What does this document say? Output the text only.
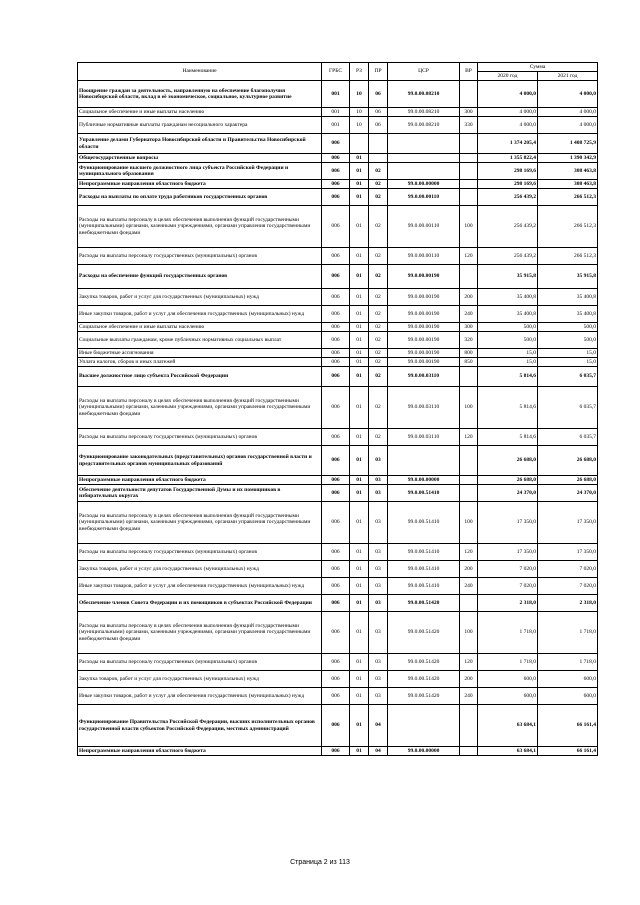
Наименование	ГРБС	РЗ	ПР	ЦСР	ВР	Сумма	
						2020 год	2021 год
Поощрение граждан за деятельность, направленную на обеспечение благополучия Новосибирской области, вклад в её экономическое, социальное, культурное развитие	001	10	06	99.0.00.08210		4 000,0	4 000,0
Социальное обеспечение и иные выплаты населению	001	10	06	99.0.00.08210	300	4 000,0	4 000,0
Публичные нормативные выплаты гражданам несоциального характера	001	10	06	99.0.00.08210	330	4 000,0	4 000,0
Управление делами Губернатора Новосибирской области и Правительства Новосибирской области	006					1 374 205,4	1 408 725,9
Общегосударственные вопросы	006	01				1 355 822,4	1 390 342,9
Функционирование высшего должностного лица субъекта Российской Федерации и муниципального образования	006	01	02			298 169,6	308 463,8
Непрограммные направления областного бюджета	006	01	02	99.0.00.00000		298 169,6	308 463,8
Расходы на выплаты по оплате труда работников государственных органов	006	01	02	99.0.00.00110		256 439,2	266 512,3
Расходы на выплаты персоналу в целях обеспечения выполнения функций государственными (муниципальными) органами, казенными учреждениями, органами управления государственными внебюджетными фондами	006	01	02	99.0.00.00110	100	256 439,2	266 512,3
Расходы на выплаты персоналу государственных (муниципальных) органов	006	01	02	99.0.00.00110	120	256 439,2	266 512,3
Расходы на обеспечение функций государственных органов	006	01	02	99.0.00.00190		35 915,8	35 915,8
Закупка товаров, работ и услуг для государственных (муниципальных) нужд	006	01	02	99.0.00.00190	200	35 400,8	35 400,8
Иные закупки товаров, работ и услуг для обеспечения государственных (муниципальных) нужд	006	01	02	99.0.00.00190	240	35 400,8	35 400,8
Социальное обеспечение и иные выплаты населению	006	01	02	99.0.00.00190	300	500,0	500,0
Социальные выплаты гражданам, кроме публичных нормативных социальных выплат	006	01	02	99.0.00.00190	320	500,0	500,0
Иные бюджетные ассигнования	006	01	02	99.0.00.00190	800	15,0	15,0
Уплата налогов, сборов и иных платежей	006	01	02	99.0.00.00190	850	15,0	15,0
Высшее должностное лицо субъекта Российской Федерации	006	01	02	99.0.00.03110		5 814,6	6 035,7
Расходы на выплаты персоналу в целях обеспечения выполнения функций государственными (муниципальными) органами, казенными учреждениями, органами управления государственными внебюджетными фондами	006	01	02	99.0.00.03110	100	5 814,6	6 035,7
Расходы на выплаты персоналу государственных (муниципальных) органов	006	01	02	99.0.00.03110	120	5 814,6	6 035,7
Функционирование законодательных (представительных) органов государственной власти и представительных органов муниципальных образований	006	01	03			26 688,0	26 688,0
Непрограммные направления областного бюджета	006	01	03	99.0.00.00000		26 688,0	26 688,0
Обеспечение деятельности депутатов Государственной Думы и их помощников в избирательных округах	006	01	03	99.0.00.51410		24 370,0	24 370,0
Расходы на выплаты персоналу в целях обеспечения выполнения функций государственными (муниципальными) органами, казенными учреждениями, органами управления государственными внебюджетными фондами	006	01	03	99.0.00.51410	100	17 350,0	17 350,0
Расходы на выплаты персоналу государственных (муниципальных) органов	006	01	03	99.0.00.51410	120	17 350,0	17 350,0
Закупка товаров, работ и услуг для государственных (муниципальных) нужд	006	01	03	99.0.00.51410	200	7 020,0	7 020,0
Иные закупки товаров, работ и услуг для обеспечения государственных (муниципальных) нужд	006	01	03	99.0.00.51410	240	7 020,0	7 020,0
Обеспечение членов Совета Федерации и их помощников в субъектах Российской Федерации	006	01	03	99.0.00.51420		2 318,0	2 318,0
Расходы на выплаты персоналу в целях обеспечения выполнения функций государственными (муниципальными) органами, казенными учреждениями, органами управления государственными внебюджетными фондами	006	01	03	99.0.00.51420	100	1 718,0	1 718,0
Расходы на выплаты персоналу государственных (муниципальных) органов	006	01	03	99.0.00.51420	120	1 718,0	1 718,0
Закупка товаров, работ и услуг для государственных (муниципальных) нужд	006	01	03	99.0.00.51420	200	600,0	600,0
Иные закупки товаров, работ и услуг для обеспечения государственных (муниципальных) нужд	006	01	03	99.0.00.51420	240	600,0	600,0
Функционирование Правительства Российской Федерации, высших исполнительных органов государственной власти субъектов Российской Федерации, местных администраций	006	01	04			63 684,1	66 161,4
Непрограммные направления областного бюджета	006	01	04	99.0.00.00000		63 684,1	66 161,4
Страница 2 из 113
